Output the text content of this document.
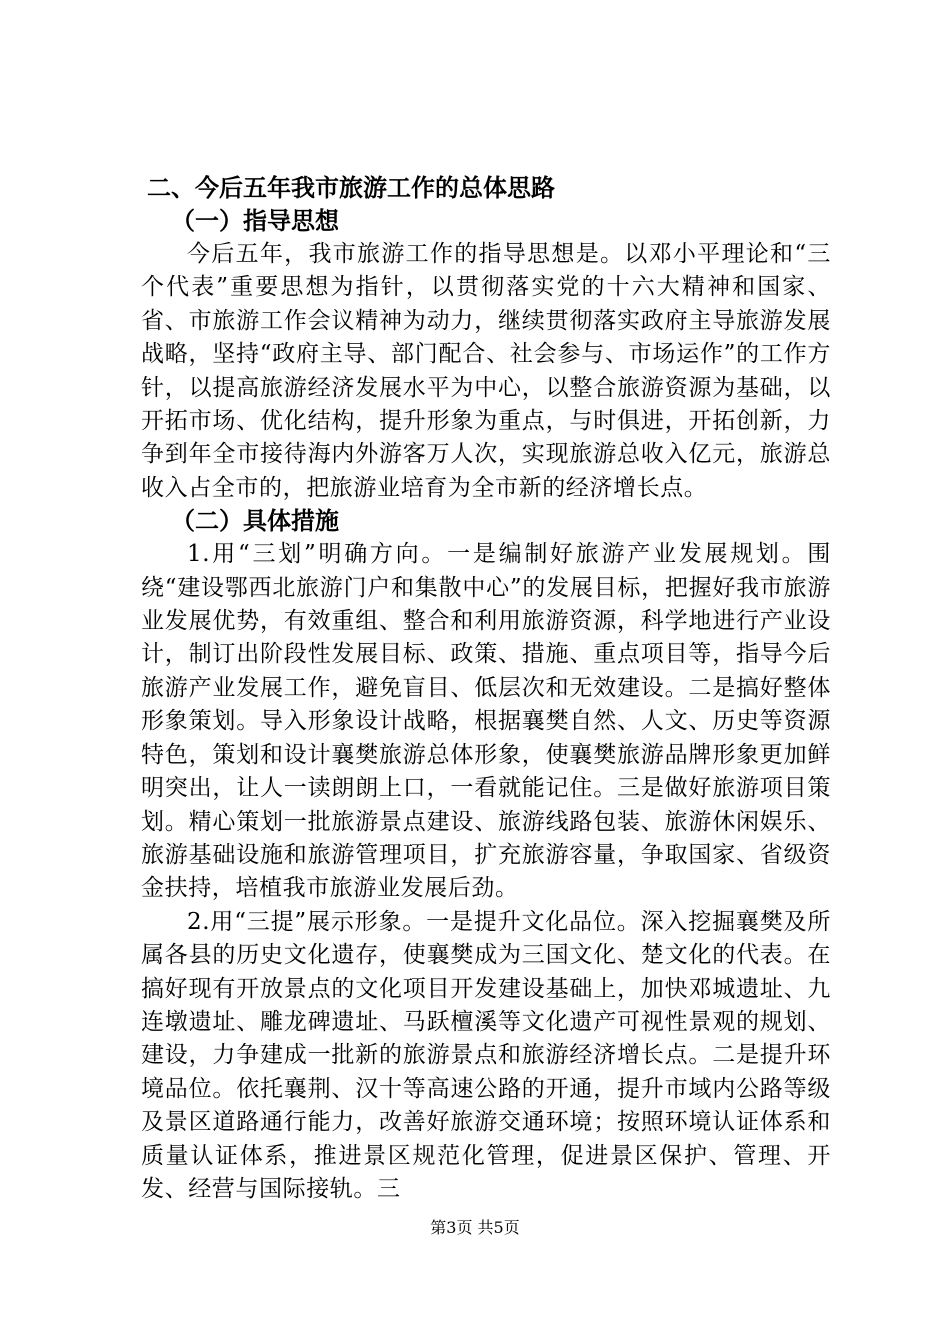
二、今后五年我市旅游工作的总体思路

（一）指导思想

今后五年，我市旅游工作的指导思想是。以邓小平理论和“三个代表”重要思想为指针，以贯彻落实党的十六大精神和国家、省、市旅游工作会议精神为动力，继续贯彻落实政府主导旅游发展战略，坚持“政府主导、部门配合、社会参与、市场运作”的工作方针，以提高旅游经济发展水平为中心，以整合旅游资源为基础，以开拓市场、优化结构，提升形象为重点，与时俱进，开拓创新，力争到年全市接待海内外游客万人次，实现旅游总收入亿元，旅游总收入占全市的，把旅游业培育为全市新的经济增长点。

（二）具体措施

1.用“三划”明确方向。一是编制好旅游产业发展规划。围绕“建设鄂西北旅游门户和集散中心”的发展目标，把握好我市旅游业发展优势，有效重组、整合和利用旅游资源，科学地进行产业设计，制订出阶段性发展目标、政策、措施、重点项目等，指导今后旅游产业发展工作，避免盲目、低层次和无效建设。二是搞好整体形象策划。导入形象设计战略，根据襄樊自然、人文、历史等资源特色，策划和设计襄樊旅游总体形象，使襄樊旅游品牌形象更加鲜明突出，让人一读朗朗上口，一看就能记住。三是做好旅游项目策划。精心策划一批旅游景点建设、旅游线路包装、旅游休闲娱乐、旅游基础设施和旅游管理项目，扩充旅游容量，争取国家、省级资金扶持，培植我市旅游业发展后劲。

2.用“三提”展示形象。一是提升文化品位。深入挖掘襄樊及所属各县的历史文化遗存，使襄樊成为三国文化、楚文化的代表。在搞好现有开放景点的文化项目开发建设基础上，加快邓城遗址、九连墩遗址、雕龙碑遗址、马跃檀溪等文化遗产可视性景观的规划、建设，力争建成一批新的旅游景点和旅游经济增长点。二是提升环境品位。依托襄荆、汉十等高速公路的开通，提升市域内公路等级及景区道路通行能力，改善好旅游交通环境；按照环境认证体系和质量认证体系，推进景区规范化管理，促进景区保护、管理、开发、经营与国际接轨。三

第3页 共5页
